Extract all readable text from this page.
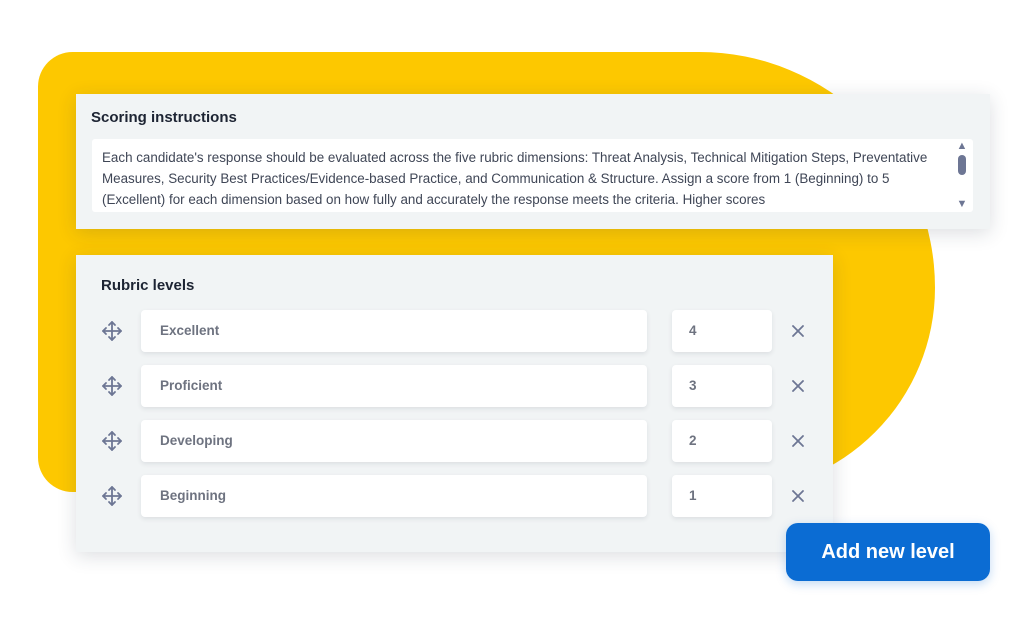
Scoring instructions
Each candidate's response should be evaluated across the five rubric dimensions: Threat Analysis, Technical Mitigation Steps, Preventative Measures, Security Best Practices/Evidence-based Practice, and Communication & Structure. Assign a score from 1 (Beginning) to 5 (Excellent) for each dimension based on how fully and accurately the response meets the criteria. Higher scores
▲
▼
Rubric levels
Excellent	4
Proficient	3
Developing	2
Beginning	1
Add new level
